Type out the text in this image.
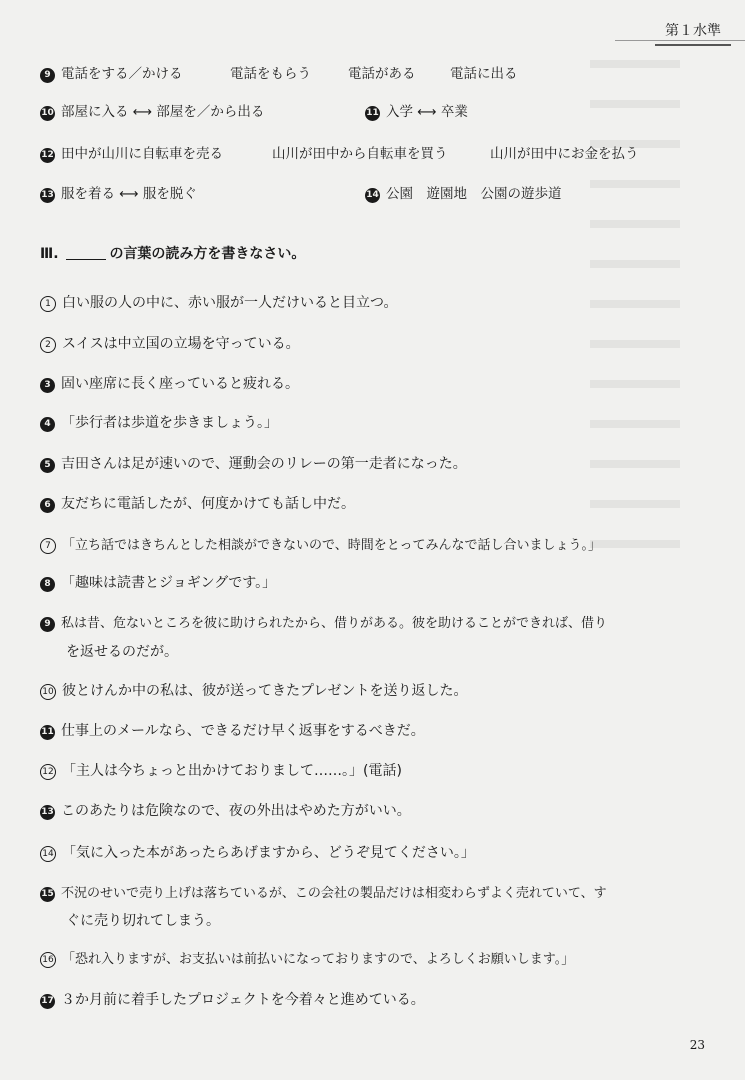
第１水準
9 電話をする／かける	電話をもらう	電話がある	電話に出る
10 部屋に入る ⟷ 部屋を／から出る	11 入学 ⟷ 卒業
12 田中が山川に自転車を売る	山川が田中から自転車を買う	山川が田中にお金を払う
13 服を着る ⟷ 服を脱ぐ	14 公園　遊園地　公園の遊歩道
Ⅲ.	の言葉の読み方を書きなさい。
1 白い服の人の中に、赤い服が一人だけいると目立つ。
2 スイスは中立国の立場を守っている。
3 固い座席に長く座っていると疲れる。
4 「歩行者は歩道を歩きましょう。」
5 吉田さんは足が速いので、運動会のリレーの第一走者になった。
6 友だちに電話したが、何度かけても話し中だ。
7 「立ち話ではきちんとした相談ができないので、時間をとってみんなで話し合いましょう。」
8 「趣味は読書とジョギングです。」
9 私は昔、危ないところを彼に助けられたから、借りがある。彼を助けることができれば、借り
を返せるのだが。
10 彼とけんか中の私は、彼が送ってきたプレゼントを送り返した。
11 仕事上のメールなら、できるだけ早く返事をするべきだ。
12 「主人は今ちょっと出かけておりまして……。」(電話)
13 このあたりは危険なので、夜の外出はやめた方がいい。
14 「気に入った本があったらあげますから、どうぞ見てください。」
15 不況のせいで売り上げは落ちているが、この会社の製品だけは相変わらずよく売れていて、す
ぐに売り切れてしまう。
16 「恐れ入りますが、お支払いは前払いになっておりますので、よろしくお願いします。」
17 ３か月前に着手したプロジェクトを今着々と進めている。
23
